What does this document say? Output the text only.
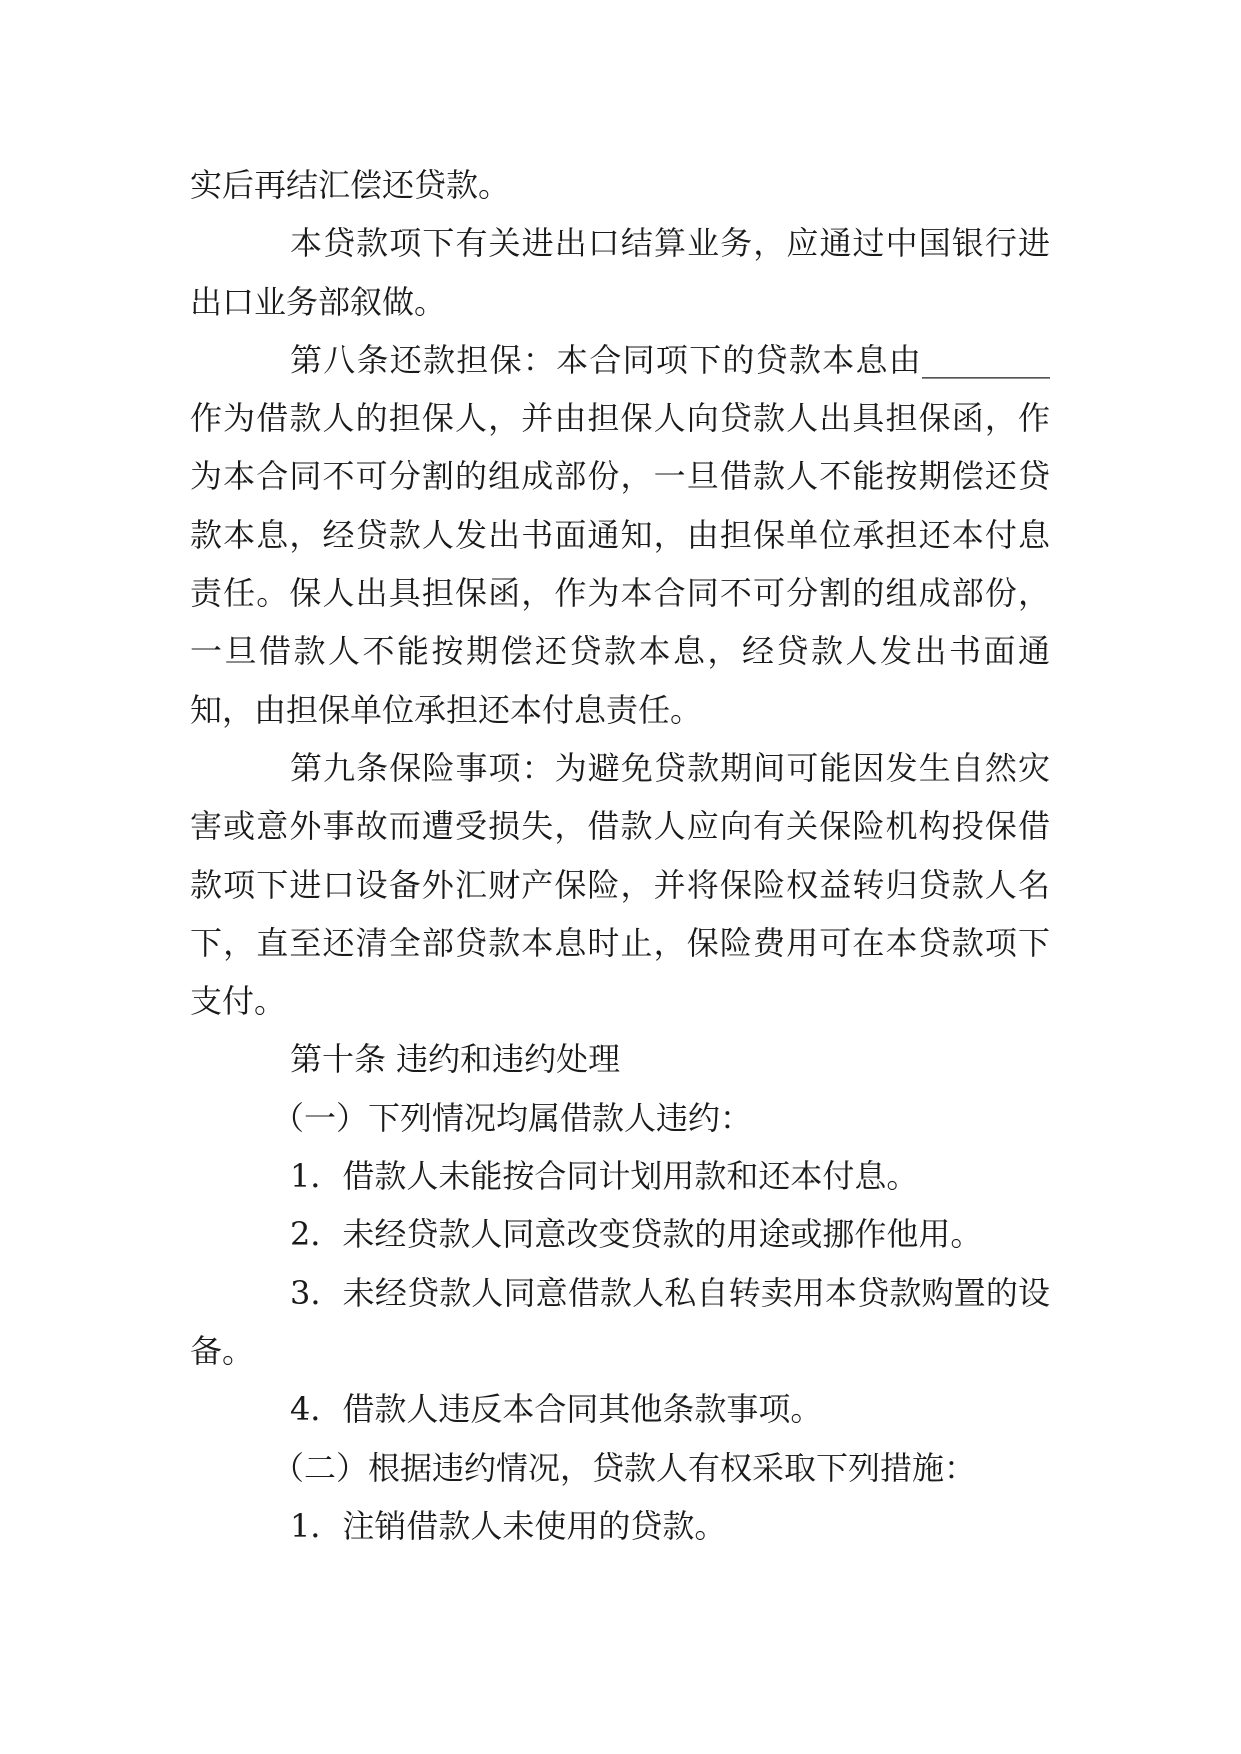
实后再结汇偿还贷款。

本贷款项下有关进出口结算业务，应通过中国银行进出口业务部叙做。

第八条还款担保：本合同项下的贷款本息由________作为借款人的担保人，并由担保人向贷款人出具担保函，作为本合同不可分割的组成部份，一旦借款人不能按期偿还贷款本息，经贷款人发出书面通知，由担保单位承担还本付息责任。保人出具担保函，作为本合同不可分割的组成部份，一旦借款人不能按期偿还贷款本息，经贷款人发出书面通知，由担保单位承担还本付息责任。

第九条保险事项：为避免贷款期间可能因发生自然灾害或意外事故而遭受损失，借款人应向有关保险机构投保借款项下进口设备外汇财产保险，并将保险权益转归贷款人名下，直至还清全部贷款本息时止，保险费用可在本贷款项下支付。

第十条 违约和违约处理

（一）下列情况均属借款人违约：

1．借款人未能按合同计划用款和还本付息。

2．未经贷款人同意改变贷款的用途或挪作他用。

3．未经贷款人同意借款人私自转卖用本贷款购置的设备。

4．借款人违反本合同其他条款事项。

（二）根据违约情况，贷款人有权采取下列措施：

1．注销借款人未使用的贷款。
